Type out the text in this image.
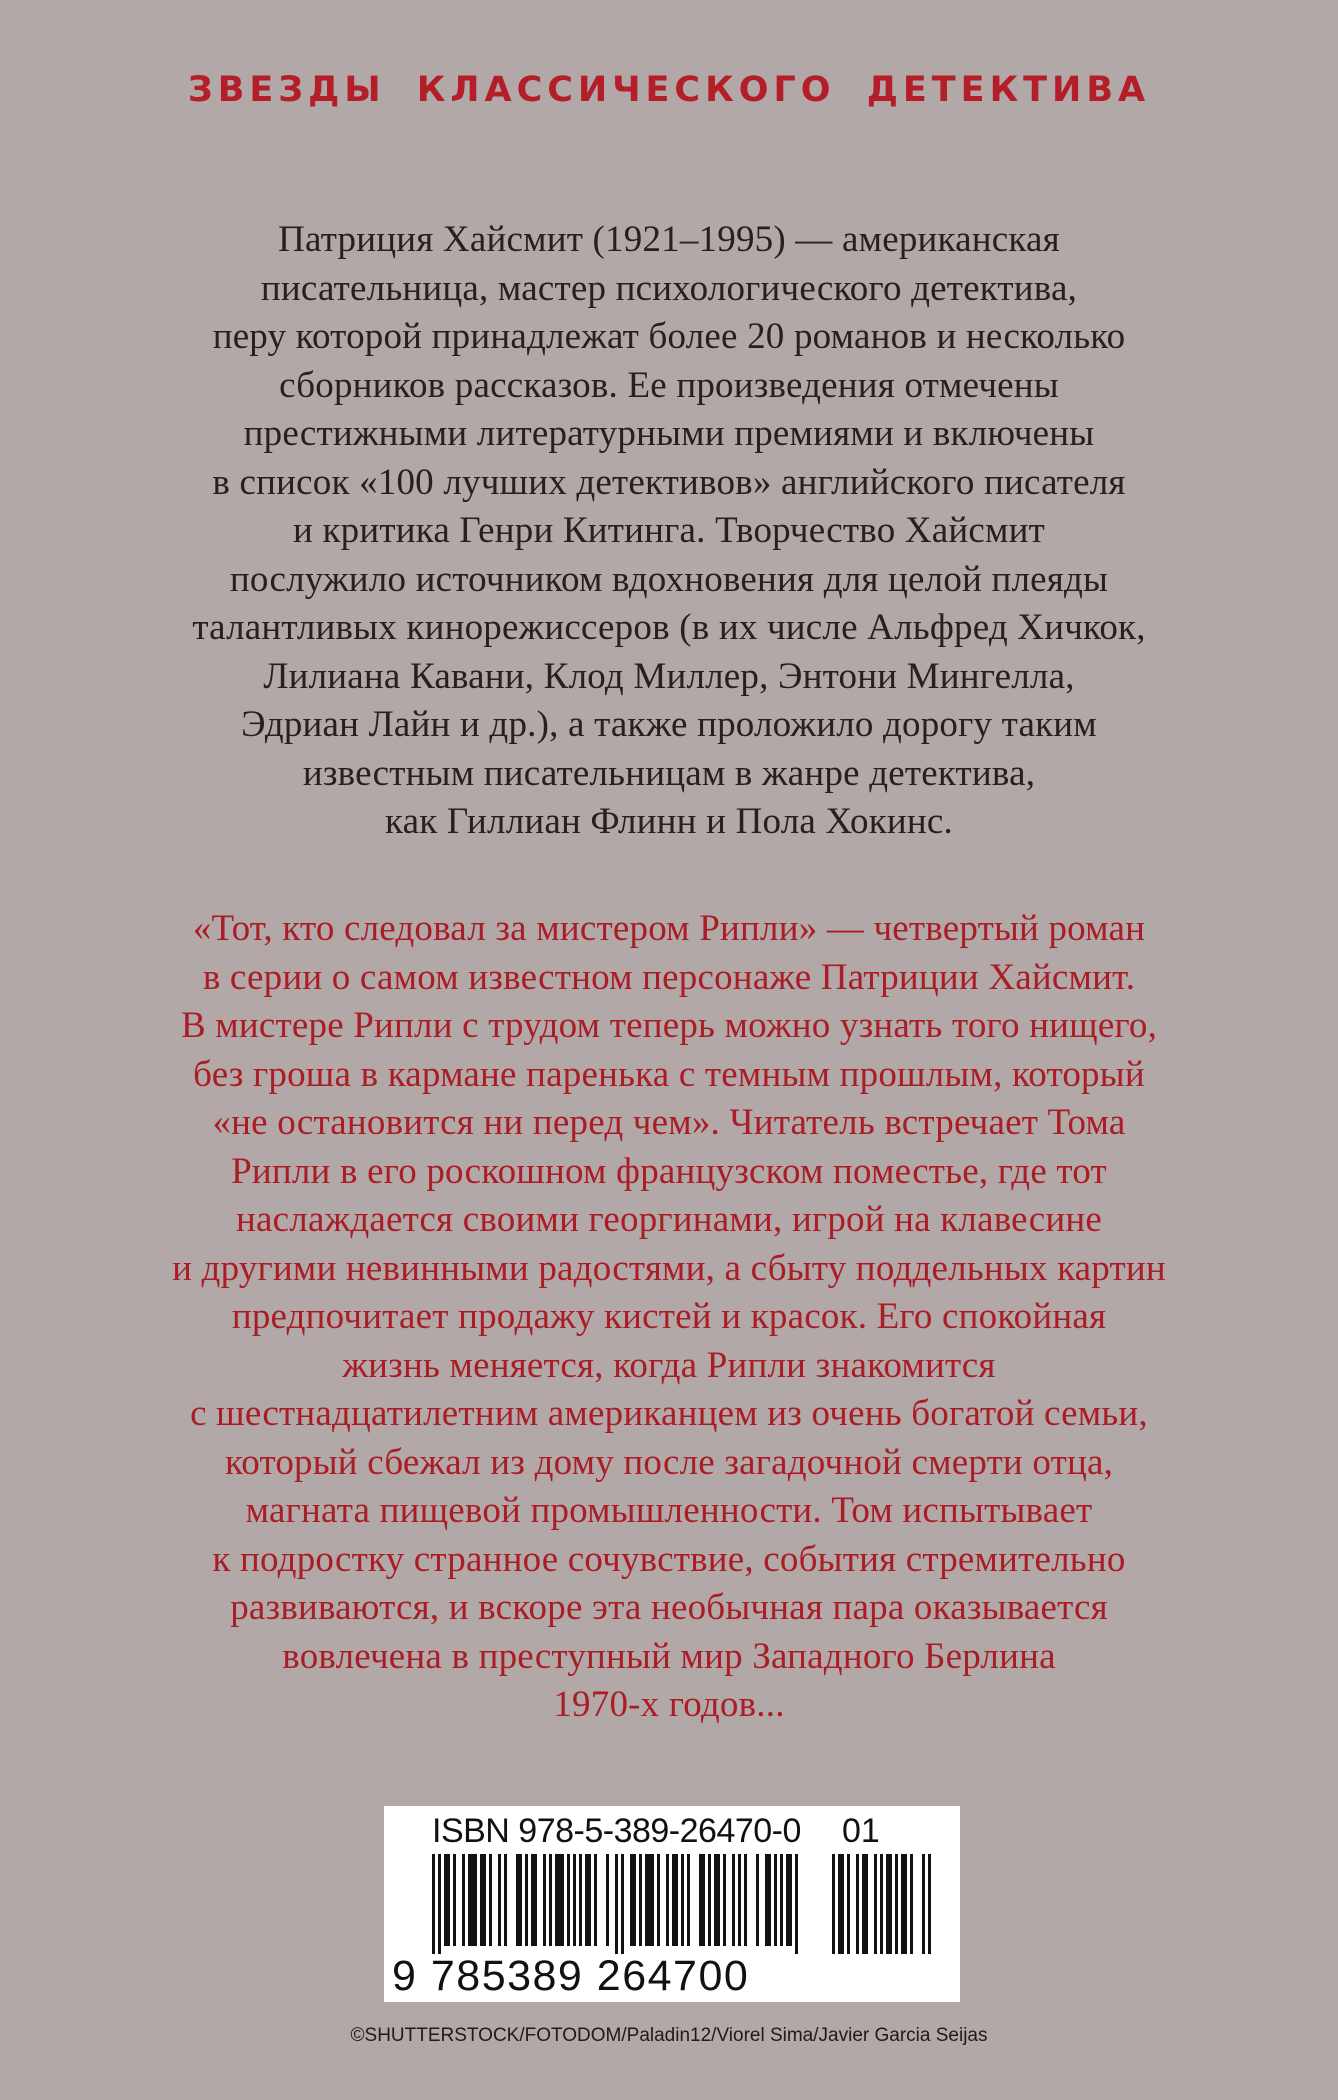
ЗВЕЗДЫ КЛАССИЧЕСКОГО ДЕТЕКТИВА
Патриция Хайсмит (1921–1995) — американская
писательница, мастер психологического детектива,
перу которой принадлежат более 20 романов и несколько
сборников рассказов. Ее произведения отмечены
престижными литературными премиями и включены
в список «100 лучших детективов» английского писателя
и критика Генри Китинга. Творчество Хайсмит
послужило источником вдохновения для целой плеяды
талантливых кинорежиссеров (в их числе Альфред Хичкок,
Лилиана Кавани, Клод Миллер, Энтони Мингелла,
Эдриан Лайн и др.), а также проложило дорогу таким
известным писательницам в жанре детектива,
как Гиллиан Флинн и Пола Хокинс.
«Тот, кто следовал за мистером Рипли» — четвертый роман
в серии о самом известном персонаже Патриции Хайсмит.
В мистере Рипли с трудом теперь можно узнать того нищего,
без гроша в кармане паренька с темным прошлым, который
«не остановится ни перед чем». Читатель встречает Тома
Рипли в его роскошном французском поместье, где тот
наслаждается своими георгинами, игрой на клавесине
и другими невинными радостями, а сбыту поддельных картин
предпочитает продажу кистей и красок. Его спокойная
жизнь меняется, когда Рипли знакомится
с шестнадцатилетним американцем из очень богатой семьи,
который сбежал из дому после загадочной смерти отца,
магната пищевой промышленности. Том испытывает
к подростку странное сочувствие, события стремительно
развиваются, и вскоре эта необычная пара оказывается
вовлечена в преступный мир Западного Берлина
1970-х годов...
ISBN 978-5-389-26470-0 01
9 785389 264700
©SHUTTERSTOCK/FOTODOM/Paladin12/Viorel Sima/Javier Garcia Seijas
